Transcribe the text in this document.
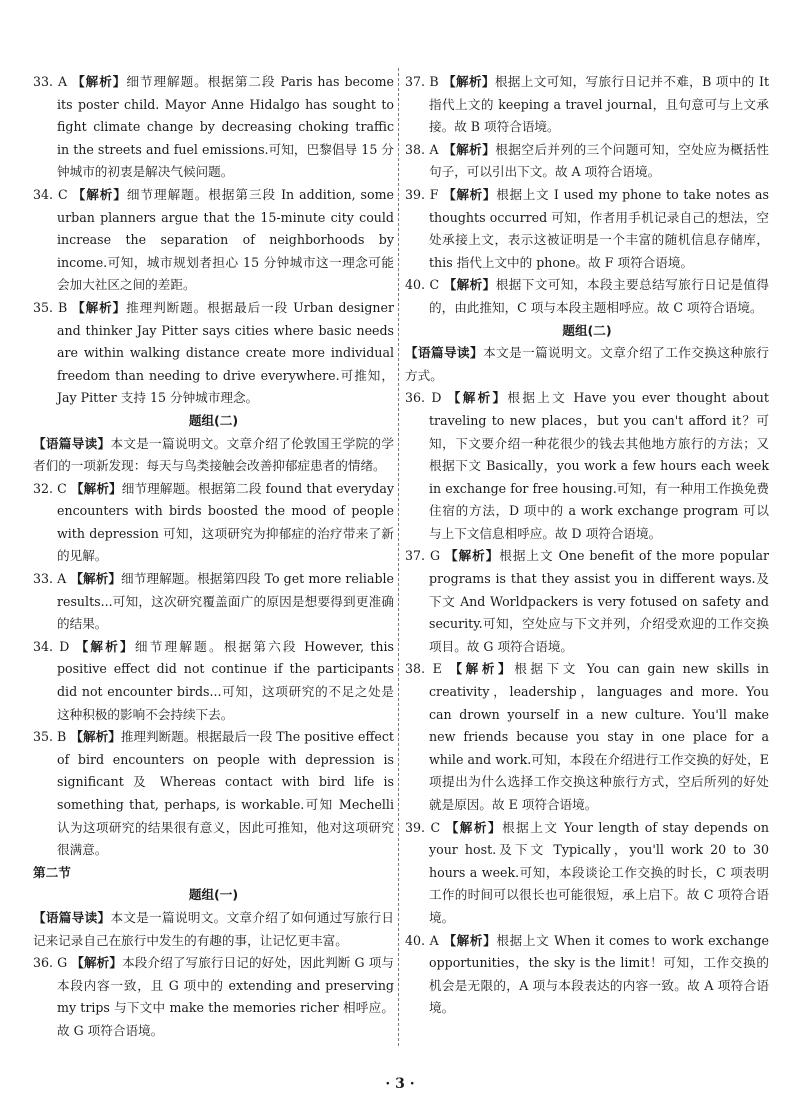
33. A 【解析】细节理解题。根据第二段 Paris has become its poster child. Mayor Anne Hidalgo has sought to fight climate change by decreasing choking traffic in the streets and fuel emissions.可知，巴黎倡导 15 分钟城市的初衷是解决气候问题。

34. C 【解析】细节理解题。根据第三段 In addition, some urban planners argue that the 15-minute city could increase the separation of neighborhoods by income.可知，城市规划者担心 15 分钟城市这一理念可能会加大社区之间的差距。

35. B 【解析】推理判断题。根据最后一段 Urban designer and thinker Jay Pitter says cities where basic needs are within walking distance create more individual freedom than needing to drive everywhere.可推知，Jay Pitter 支持 15 分钟城市理念。

题组(二)

【语篇导读】本文是一篇说明文。文章介绍了伦敦国王学院的学者们的一项新发现：每天与鸟类接触会改善抑郁症患者的情绪。

32. C 【解析】细节理解题。根据第二段 found that everyday encounters with birds boosted the mood of people with depression 可知，这项研究为抑郁症的治疗带来了新的见解。

33. A 【解析】细节理解题。根据第四段 To get more reliable results...可知，这次研究覆盖面广的原因是想要得到更准确的结果。

34. D 【解析】细节理解题。根据第六段 However, this positive effect did not continue if the participants did not encounter birds...可知，这项研究的不足之处是这种积极的影响不会持续下去。

35. B 【解析】推理判断题。根据最后一段 The positive effect of bird encounters on people with depression is significant 及 Whereas contact with bird life is something that, perhaps, is workable.可知 Mechelli 认为这项研究的结果很有意义，因此可推知，他对这项研究很满意。

第二节

题组(一)

【语篇导读】本文是一篇说明文。文章介绍了如何通过写旅行日记来记录自己在旅行中发生的有趣的事，让记忆更丰富。

36. G 【解析】本段介绍了写旅行日记的好处，因此判断 G 项与本段内容一致，且 G 项中的 extending and preserving my trips 与下文中 make the memories richer 相呼应。故 G 项符合语境。

37. B 【解析】根据上文可知，写旅行日记并不难，B 项中的 It 指代上文的 keeping a travel journal，且句意可与上文承接。故 B 项符合语境。

38. A 【解析】根据空后并列的三个问题可知，空处应为概括性句子，可以引出下文。故 A 项符合语境。

39. F 【解析】根据上文 I used my phone to take notes as thoughts occurred 可知，作者用手机记录自己的想法，空处承接上文，表示这被证明是一个丰富的随机信息存储库，this 指代上文中的 phone。故 F 项符合语境。

40. C 【解析】根据下文可知，本段主要总结写旅行日记是值得的，由此推知，C 项与本段主题相呼应。故 C 项符合语境。

题组(二)

【语篇导读】本文是一篇说明文。文章介绍了工作交换这种旅行方式。

36. D 【解析】根据上文 Have you ever thought about traveling to new places，but you can't afford it？可知，下文要介绍一种花很少的钱去其他地方旅行的方法；又根据下文 Basically，you work a few hours each week in exchange for free housing.可知，有一种用工作换免费住宿的方法，D 项中的 a work exchange program 可以与上下文信息相呼应。故 D 项符合语境。

37. G 【解析】根据上文 One benefit of the more popular programs is that they assist you in different ways.及下文 And Worldpackers is very fotused on safety and security.可知，空处应与下文并列，介绍受欢迎的工作交换项目。故 G 项符合语境。

38. E 【解析】根据下文 You can gain new skills in creativity，leadership，languages and more. You can drown yourself in a new culture. You'll make new friends because you stay in one place for a while and work.可知，本段在介绍进行工作交换的好处，E 项提出为什么选择工作交换这种旅行方式，空后所列的好处就是原因。故 E 项符合语境。

39. C 【解析】根据上文 Your length of stay depends on your host.及下文 Typically，you'll work 20 to 30 hours a week.可知，本段谈论工作交换的时长，C 项表明工作的时间可以很长也可能很短，承上启下。故 C 项符合语境。

40. A 【解析】根据上文 When it comes to work exchange opportunities，the sky is the limit！可知，工作交换的机会是无限的，A 项与本段表达的内容一致。故 A 项符合语境。

· 3 ·
